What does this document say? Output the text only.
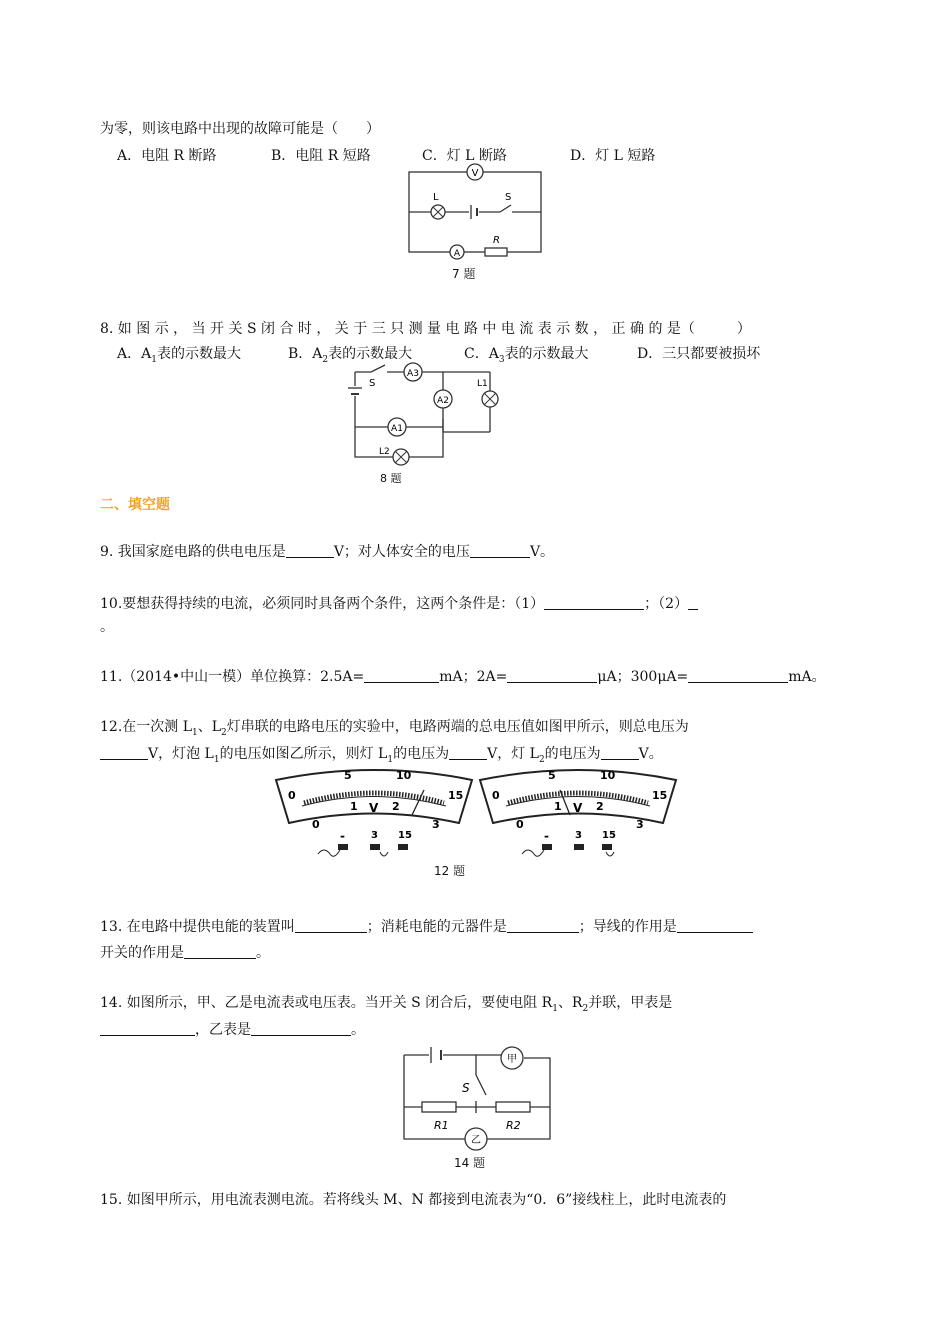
为零，则该电路中出现的故障可能是（　　）
A．电阻 R 断路	B．电阻 R 短路	C．灯 L 断路	D．灯 L 短路
V
L	S
A
R
7 题
8. 如 图 示 ， 当 开 关 S 闭 合 时 ， 关 于 三 只 测 量 电 路 中 电 流 表 示 数 ， 正 确 的 是（　　　）
A．$A_1$表的示数最大	B．$A_2$表的示数最大	C．$A_3$表的示数最大	D．三只都要被损坏
S
A3
A2
L1
A1
L2
8 题
二、填空题
9. 我国家庭电路的供电电压是	V；对人体安全的电压	V。
10.要想获得持续的电流，必须同时具备两个条件，这两个条件是：（1）	；（2）
。
11.（2014•中山一模）单位换算：2.5A=	mA；2A=	μA；300μA=	mA。
12.在一次测 $L_1$、$L_2$灯串联的电路电压的实验中，电路两端的总电压值如图甲所示，则总电压为
V，灯泡 $L_1$的电压如图乙所示，则灯 $L_1$的电压为	V，灯 $L_2$的电压为	V。
0
5	10
15
1 V 2
0	3
-	3 15
0
5	10
15
1 V 2
0	3
-	3 15
12 题
13. 在电路中提供电能的装置叫	；消耗电能的元器件是	；导线的作用是
开关的作用是	。
14. 如图所示，甲、乙是电流表或电压表。当开关 S 闭合后，要使电阻 $R_1$、$R_2$并联，甲表是
，乙表是	。
S
甲
R1	R2
乙
14 题
15. 如图甲所示，用电流表测电流。若将线头 M、N 都接到电流表为“0．6”接线柱上，此时电流表的
